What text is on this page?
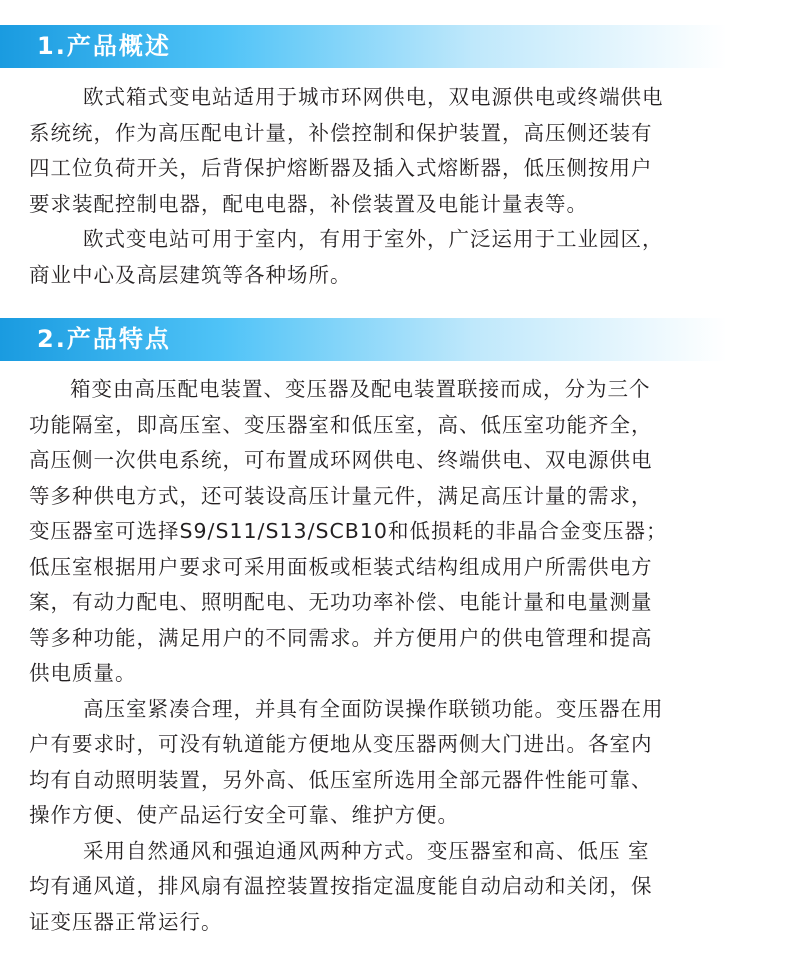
1.产品概述

欧式箱式变电站适用于城市环网供电，双电源供电或终端供电

系统统，作为高压配电计量，补偿控制和保护装置，高压侧还装有

四工位负荷开关，后背保护熔断器及插入式熔断器，低压侧按用户

要求装配控制电器，配电电器，补偿装置及电能计量表等。

欧式变电站可用于室内，有用于室外，广泛运用于工业园区，

商业中心及高层建筑等各种场所。

2.产品特点

箱变由高压配电装置、变压器及配电装置联接而成，分为三个

功能隔室，即高压室、变压器室和低压室，高、低压室功能齐全，

高压侧一次供电系统，可布置成环网供电、终端供电、双电源供电

等多种供电方式，还可装设高压计量元件，满足高压计量的需求，

变压器室可选择S9/S11/S13/SCB10和低损耗的非晶合金变压器；

低压室根据用户要求可采用面板或柜装式结构组成用户所需供电方

案，有动力配电、照明配电、无功功率补偿、电能计量和电量测量

等多种功能，满足用户的不同需求。并方便用户的供电管理和提高

供电质量。

高压室紧凑合理，并具有全面防误操作联锁功能。变压器在用

户有要求时，可没有轨道能方便地从变压器两侧大门进出。各室内

均有自动照明装置，另外高、低压室所选用全部元器件性能可靠、

操作方便、使产品运行安全可靠、维护方便。

采用自然通风和强迫通风两种方式。变压器室和高、低压 室

均有通风道，排风扇有温控装置按指定温度能自动启动和关闭，保

证变压器正常运行。
